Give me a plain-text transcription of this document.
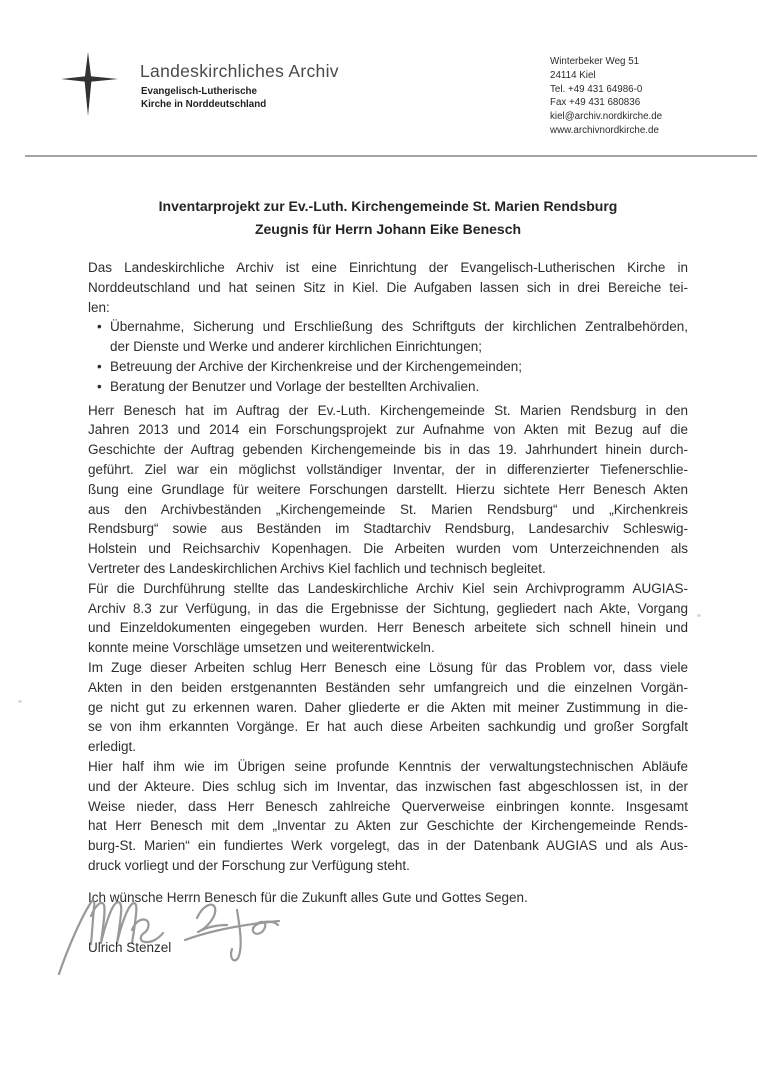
Landeskirchliches Archiv
Evangelisch-Lutherische
Kirche in Norddeutschland
Winterbeker Weg 51
24114 Kiel
Tel. +49 431 64986-0
Fax +49 431 680836
kiel@archiv.nordkirche.de
www.archivnordkirche.de
Inventarprojekt zur Ev.-Luth. Kirchengemeinde St. Marien Rendsburg
Zeugnis für Herrn Johann Eike Benesch
Das Landeskirchliche Archiv ist eine Einrichtung der Evangelisch-Lutherischen Kirche in
Norddeutschland und hat seinen Sitz in Kiel. Die Aufgaben lassen sich in drei Bereiche tei-
len:
• Übernahme, Sicherung und Erschließung des Schriftguts der kirchlichen Zentralbehörden,
der Dienste und Werke und anderer kirchlichen Einrichtungen;
• Betreuung der Archive der Kirchenkreise und der Kirchengemeinden;
• Beratung der Benutzer und Vorlage der bestellten Archivalien.
Herr Benesch hat im Auftrag der Ev.-Luth. Kirchengemeinde St. Marien Rendsburg in den
Jahren 2013 und 2014 ein Forschungsprojekt zur Aufnahme von Akten mit Bezug auf die
Geschichte der Auftrag gebenden Kirchengemeinde bis in das 19. Jahrhundert hinein durch-
geführt. Ziel war ein möglichst vollständiger Inventar, der in differenzierter Tiefenerschlie-
ßung eine Grundlage für weitere Forschungen darstellt. Hierzu sichtete Herr Benesch Akten
aus den Archivbeständen „Kirchengemeinde St. Marien Rendsburg“ und „Kirchenkreis
Rendsburg“ sowie aus Beständen im Stadtarchiv Rendsburg, Landesarchiv Schleswig-
Holstein und Reichsarchiv Kopenhagen. Die Arbeiten wurden vom Unterzeichnenden als
Vertreter des Landeskirchlichen Archivs Kiel fachlich und technisch begleitet.
Für die Durchführung stellte das Landeskirchliche Archiv Kiel sein Archivprogramm AUGIAS-
Archiv 8.3 zur Verfügung, in das die Ergebnisse der Sichtung, gegliedert nach Akte, Vorgang
und Einzeldokumenten eingegeben wurden. Herr Benesch arbeitete sich schnell hinein und
konnte meine Vorschläge umsetzen und weiterentwickeln.
Im Zuge dieser Arbeiten schlug Herr Benesch eine Lösung für das Problem vor, dass viele
Akten in den beiden erstgenannten Beständen sehr umfangreich und die einzelnen Vorgän-
ge nicht gut zu erkennen waren. Daher gliederte er die Akten mit meiner Zustimmung in die-
se von ihm erkannten Vorgänge. Er hat auch diese Arbeiten sachkundig und großer Sorgfalt
erledigt.
Hier half ihm wie im Übrigen seine profunde Kenntnis der verwaltungstechnischen Abläufe
und der Akteure. Dies schlug sich im Inventar, das inzwischen fast abgeschlossen ist, in der
Weise nieder, dass Herr Benesch zahlreiche Querverweise einbringen konnte. Insgesamt
hat Herr Benesch mit dem „Inventar zu Akten zur Geschichte der Kirchengemeinde Rends-
burg-St. Marien“ ein fundiertes Werk vorgelegt, das in der Datenbank AUGIAS und als Aus-
druck vorliegt und der Forschung zur Verfügung steht.
Ich wünsche Herrn Benesch für die Zukunft alles Gute und Gottes Segen.
Ulrich Stenzel
